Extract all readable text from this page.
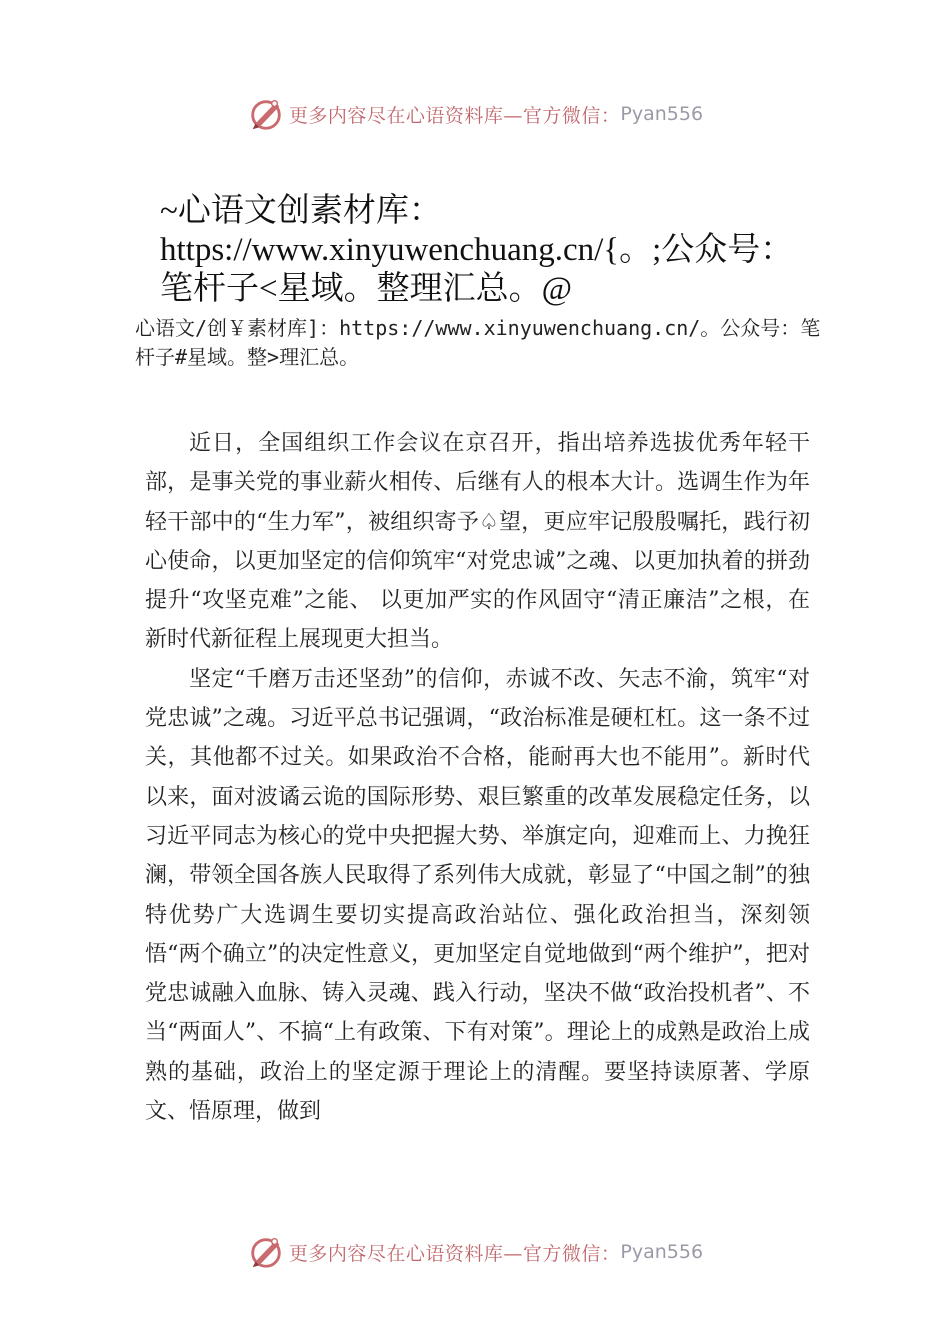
更多内容尽在心语资料库—官方微信： Pyan556
~心语文创素材库：https://www.xinyuwenchuang.cn/{。;公众号：笔杆子<星域。整理汇总。@
心语文/创￥素材库]：https://www.xinyuwenchuang.cn/。公众号：笔杆子#星域。整>理汇总。

近日，全国组织工作会议在京召开，指出培养选拔优秀年轻干部，是事关党的事业薪火相传、后继有人的根本大计。选调生作为年轻干部中的“生力军”，被组织寄予♤望，更应牢记殷殷嘱托，践行初心使命，以更加坚定的信仰筑牢“对党忠诚”之魂、以更加执着的拼劲提升“攻坚克难”之能、 以更加严实的作风固守“清正廉洁”之根，在新时代新征程上展现更大担当。

坚定“千磨万击还坚劲”的信仰，赤诚不改、矢志不渝，筑牢“对党忠诚”之魂。习近平总书记强调，“政治标准是硬杠杠。这一条不过关，其他都不过关。如果政治不合格，能耐再大也不能用”。新时代以来，面对波谲云诡的国际形势、艰巨繁重的改革发展稳定任务，以习近平同志为核心的党中央把握大势、举旗定向，迎难而上、力挽狂澜，带领全国各族人民取得了系列伟大成就，彰显了“中国之制”的独特优势广大选调生要切实提高政治站位、强化政治担当，深刻领悟“两个确立”的决定性意义，更加坚定自觉地做到“两个维护”，把对党忠诚融入血脉、铸入灵魂、践入行动，坚决不做“政治投机者”、不当“两面人”、不搞“上有政策、下有对策”。理论上的成熟是政治上成熟的基础，政治上的坚定源于理论上的清醒。要坚持读原著、学原文、悟原理，做到

更多内容尽在心语资料库—官方微信： Pyan556
